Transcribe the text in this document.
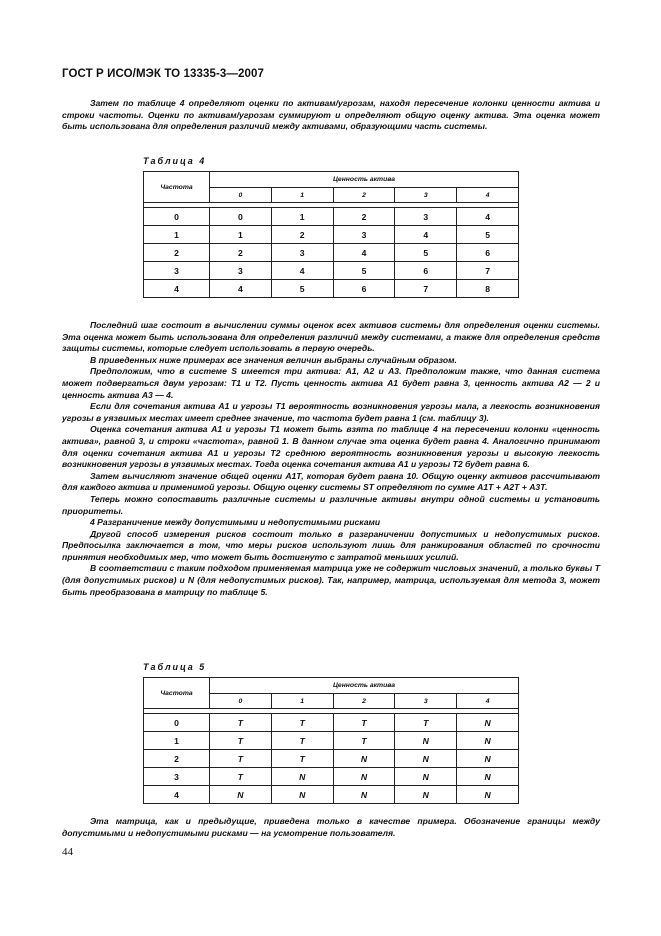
ГОСТ Р ИСО/МЭК ТО 13335-3—2007

Затем по таблице 4 определяют оценки по активам/угрозам, находя пересечение колонки ценности актива и строки частоты. Оценки по активам/угрозам суммируют и определяют общую оценку актива. Эта оценка может быть использована для определения различий между активами, образующими часть системы.

Таблица 4
Частота	Ценность актива				
	0	1	2	3	4

0	0	1	2	3	4
1	1	2	3	4	5
2	2	3	4	5	6
3	3	4	5	6	7
4	4	5	6	7	8

Последний шаг состоит в вычислении суммы оценок всех активов системы для определения оценки системы. Эта оценка может быть использована для определения различий между системами, а также для определения средств защиты системы, которые следует использовать в первую очередь.

В приведенных ниже примерах все значения величин выбраны случайным образом.

Предположим, что в системе S имеется три актива: А1, А2 и А3. Предположим также, что данная система может подвергаться двум угрозам: Т1 и Т2. Пусть ценность актива А1 будет равна 3, ценность актива А2 — 2 и ценность актива А3 — 4.

Если для сочетания актива А1 и угрозы Т1 вероятность возникновения угрозы мала, а легкость возникновения угрозы в уязвимых местах имеет среднее значение, то частота будет равна 1 (см. таблицу 3).

Оценка сочетания актива А1 и угрозы Т1 может быть взята по таблице 4 на пересечении колонки «ценность актива», равной 3, и строки «частота», равной 1. В данном случае эта оценка будет равна 4. Аналогично принимают для оценки сочетания актива А1 и угрозы Т2 среднюю вероятность возникновения угрозы и высокую легкость возникновения угрозы в уязвимых местах. Тогда оценка сочетания актива А1 и угрозы Т2 будет равна 6.

Затем вычисляют значение общей оценки А1Т, которая будет равна 10. Общую оценку активов рассчитывают для каждого актива и применимой угрозы. Общую оценку системы ST определяют по сумме А1Т + А2Т + А3Т.

Теперь можно сопоставить различные системы и различные активы внутри одной системы и установить приоритеты.

4 Разграничение между допустимыми и недопустимыми рисками

Другой способ измерения рисков состоит только в разграничении допустимых и недопустимых рисков. Предпосылка заключается в том, что меры рисков используют лишь для ранжирования областей по срочности принятия необходимых мер, что может быть достигнуто с затратой меньших усилий.

В соответствии с таким подходом применяемая матрица уже не содержит числовых значений, а только буквы Т (для допустимых рисков) и N (для недопустимых рисков). Так, например, матрица, используемая для метода 3, может быть преобразована в матрицу по таблице 5.

Таблица 5
Частота	Ценность актива				
	0	1	2	3	4

0	T	T	T	T	N
1	T	T	T	N	N
2	T	T	N	N	N
3	T	N	N	N	N
4	N	N	N	N	N

Эта матрица, как и предыдущие, приведена только в качестве примера. Обозначение границы между допустимыми и недопустимыми рисками — на усмотрение пользователя.

44
